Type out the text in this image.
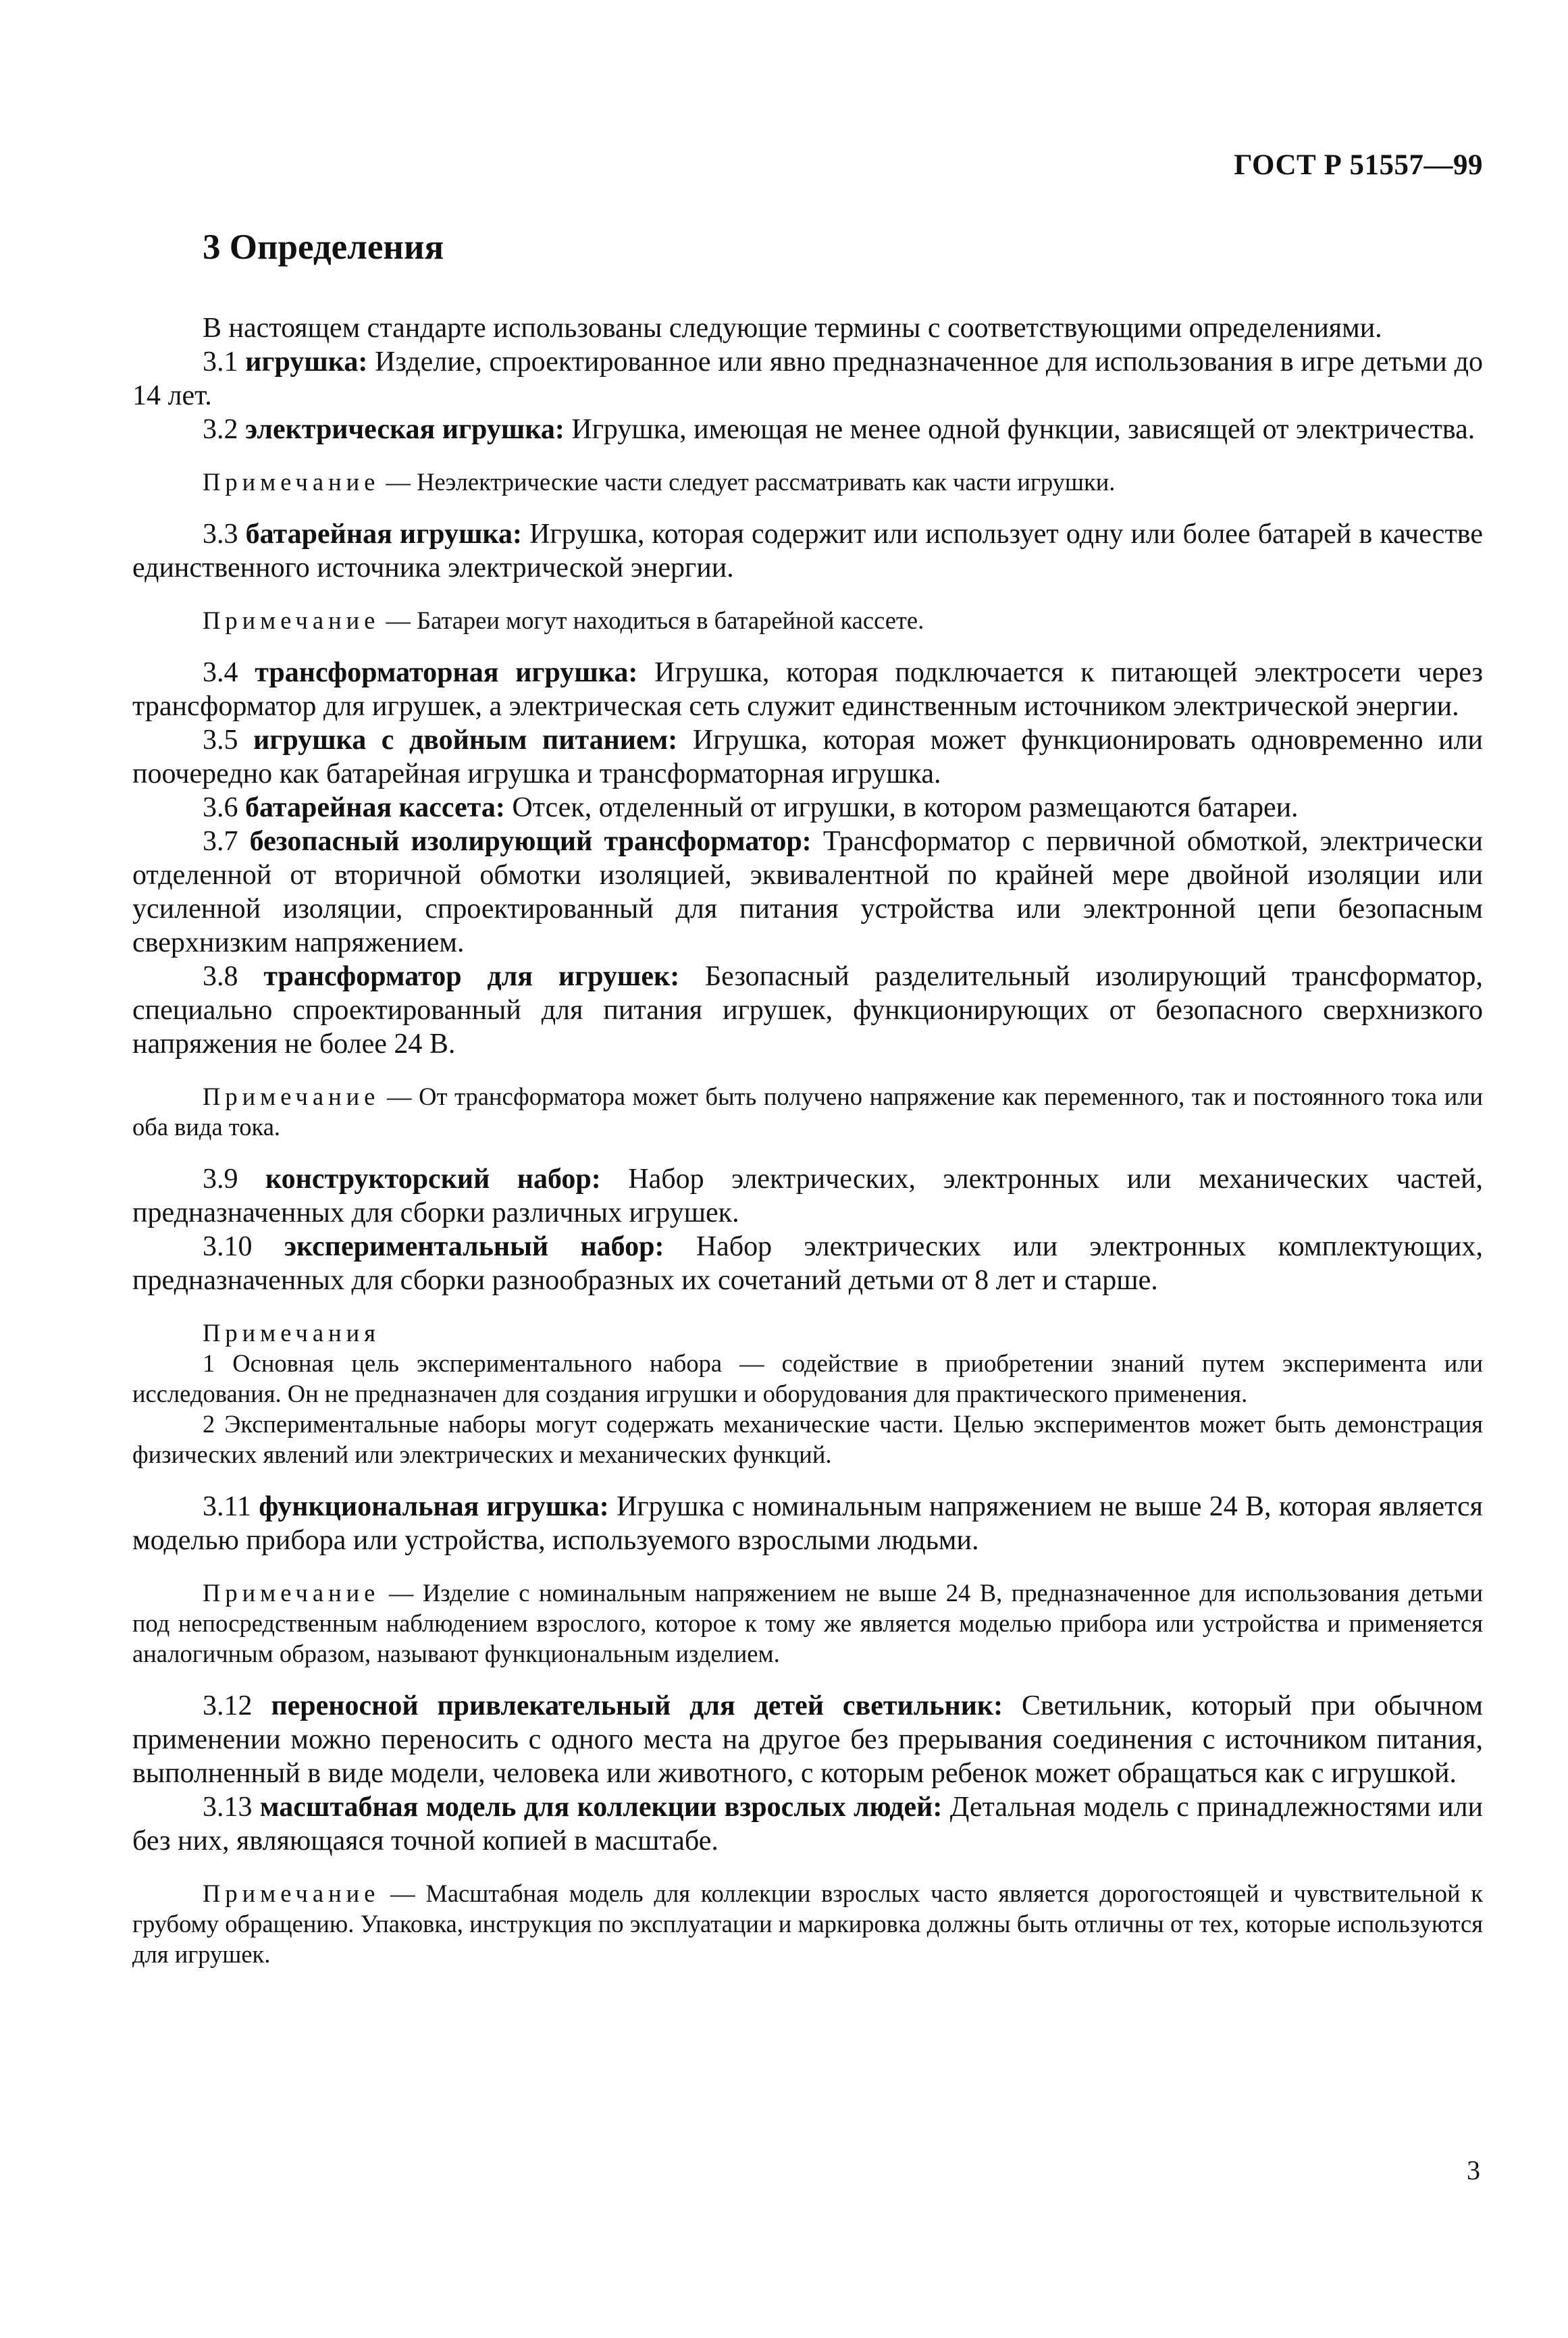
ГОСТ Р 51557—99
3 Определения

В настоящем стандарте использованы следующие термины с соответствующими определениями.

3.1 игрушка: Изделие, спроектированное или явно предназначенное для использования в игре детьми до 14 лет.

3.2 электрическая игрушка: Игрушка, имеющая не менее одной функции, зависящей от электричества.

Примечание — Неэлектрические части следует рассматривать как части игрушки.

3.3 батарейная игрушка: Игрушка, которая содержит или использует одну или более батарей в качестве единственного источника электрической энергии.

Примечание — Батареи могут находиться в батарейной кассете.

3.4 трансформаторная игрушка: Игрушка, которая подключается к питающей электросети через трансформатор для игрушек, а электрическая сеть служит единственным источником электрической энергии.

3.5 игрушка с двойным питанием: Игрушка, которая может функционировать одновременно или поочередно как батарейная игрушка и трансформаторная игрушка.

3.6 батарейная кассета: Отсек, отделенный от игрушки, в котором размещаются батареи.

3.7 безопасный изолирующий трансформатор: Трансформатор с первичной обмоткой, электрически отделенной от вторичной обмотки изоляцией, эквивалентной по крайней мере двойной изоляции или усиленной изоляции, спроектированный для питания устройства или электронной цепи безопасным сверхнизким напряжением.

3.8 трансформатор для игрушек: Безопасный разделительный изолирующий трансформатор, специально спроектированный для питания игрушек, функционирующих от безопасного сверхнизкого напряжения не более 24 В.

Примечание — От трансформатора может быть получено напряжение как переменного, так и постоянного тока или оба вида тока.

3.9 конструкторский набор: Набор электрических, электронных или механических частей, предназначенных для сборки различных игрушек.

3.10 экспериментальный набор: Набор электрических или электронных комплектующих, предназначенных для сборки разнообразных их сочетаний детьми от 8 лет и старше.

Примечания

1 Основная цель экспериментального набора — содействие в приобретении знаний путем эксперимента или исследования. Он не предназначен для создания игрушки и оборудования для практического применения.

2 Экспериментальные наборы могут содержать механические части. Целью экспериментов может быть демонстрация физических явлений или электрических и механических функций.

3.11 функциональная игрушка: Игрушка с номинальным напряжением не выше 24 В, которая является моделью прибора или устройства, используемого взрослыми людьми.

Примечание — Изделие с номинальным напряжением не выше 24 В, предназначенное для использования детьми под непосредственным наблюдением взрослого, которое к тому же является моделью прибора или устройства и применяется аналогичным образом, называют функциональным изделием.

3.12 переносной привлекательный для детей светильник: Светильник, который при обычном применении можно переносить с одного места на другое без прерывания соединения с источником питания, выполненный в виде модели, человека или животного, с которым ребенок может обращаться как с игрушкой.

3.13 масштабная модель для коллекции взрослых людей: Детальная модель с принадлежностями или без них, являющаяся точной копией в масштабе.

Примечание — Масштабная модель для коллекции взрослых часто является дорогостоящей и чувствительной к грубому обращению. Упаковка, инструкция по эксплуатации и маркировка должны быть отличны от тех, которые используются для игрушек.

3
